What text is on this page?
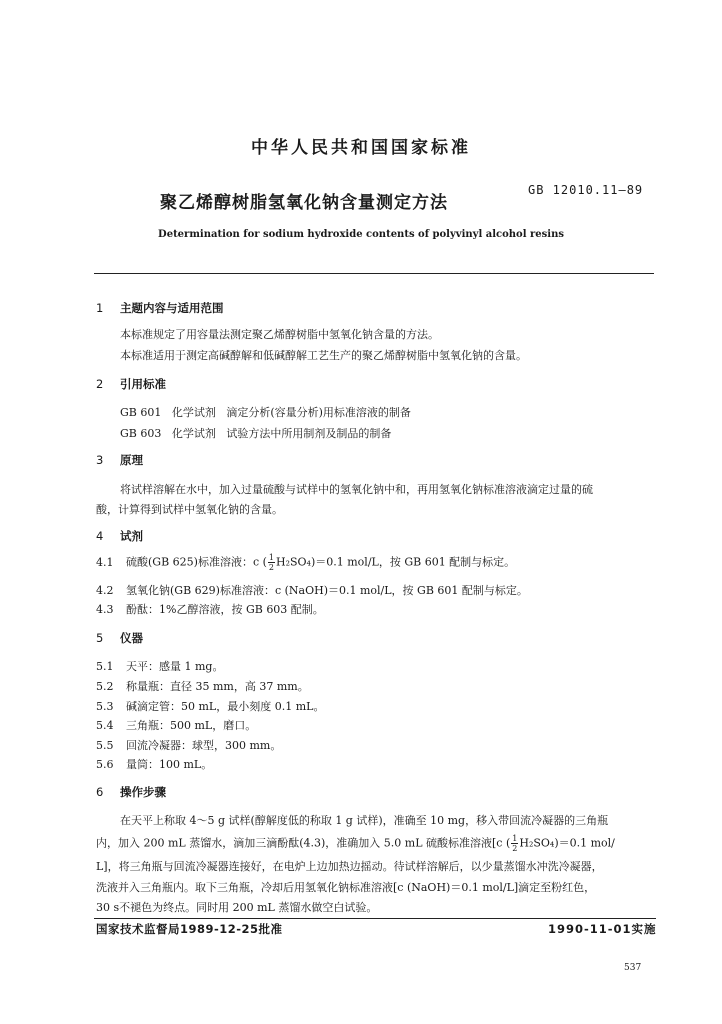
中华人民共和国国家标准
聚乙烯醇树脂氢氧化钠含量测定方法
GB 12010.11—89
Determination for sodium hydroxide contents of polyvinyl alcohol resins
1 主题内容与适用范围
本标准规定了用容量法测定聚乙烯醇树脂中氢氧化钠含量的方法。
本标准适用于测定高碱醇解和低碱醇解工艺生产的聚乙烯醇树脂中氢氧化钠的含量。
2 引用标准
GB 601   化学试剂   滴定分析(容量分析)用标准溶液的制备
GB 603   化学试剂   试验方法中所用制剂及制品的制备
3 原理
将试样溶解在水中，加入过量硫酸与试样中的氢氧化钠中和，再用氢氧化钠标准溶液滴定过量的硫
酸，计算得到试样中氢氧化钠的含量。
4 试剂
4.1 硫酸(GB 625)标准溶液：c ( $\frac{1}{2} H_2SO_4)=0.1$ mol/L，按 GB 601 配制与标定。
4.2 氢氧化钠(GB 629)标准溶液：c (NaOH)＝0.1 mol/L，按 GB 601 配制与标定。
4.3 酚酞：1%乙醇溶液，按 GB 603 配制。
5 仪器
5.1 天平：感量 1 mg。
5.2 称量瓶：直径 35 mm，高 37 mm。
5.3 碱滴定管：50 mL，最小刻度 0.1 mL。
5.4 三角瓶：500 mL，磨口。
5.5 回流冷凝器：球型，300 mm。
5.6 量筒：100 mL。
6 操作步骤
在天平上称取 4～5 g 试样(醇解度低的称取 1 g 试样)，准确至 10 mg，移入带回流冷凝器的三角瓶
内，加入 200 mL 蒸馏水，滴加三滴酚酞(4.3)，准确加入 5.0 mL 硫酸标准溶液[c ( $\frac{1}{2} H_2SO_4)=0.1$ mol/
L]，将三角瓶与回流冷凝器连接好，在电炉上边加热边摇动。待试样溶解后，以少量蒸馏水冲洗冷凝器，
洗液并入三角瓶内。取下三角瓶，冷却后用氢氧化钠标准溶液[c (NaOH)＝0.1 mol/L]滴定至粉红色，
30 s不褪色为终点。同时用 200 mL 蒸馏水做空白试验。
国家技术监督局1989-12-25批准	1990-11-01实施
537
